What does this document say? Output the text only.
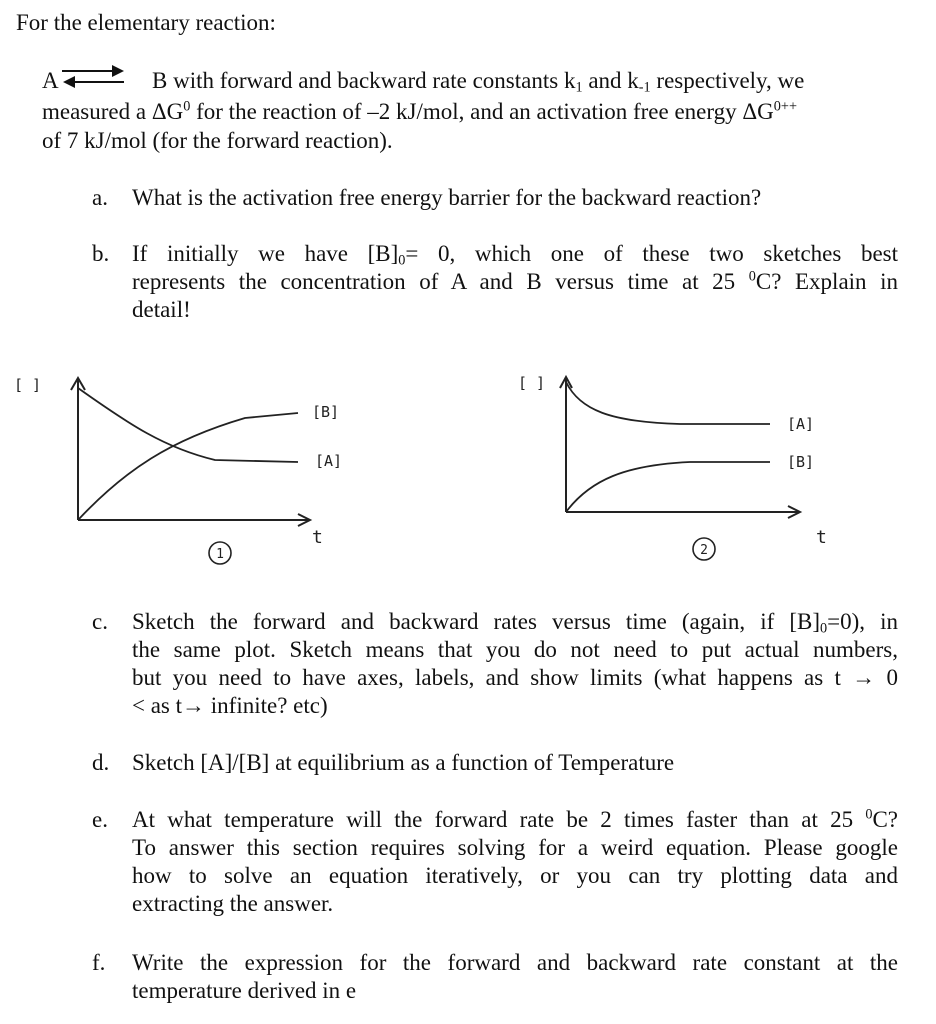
For the elementary reaction:
A ⇌ B with forward and backward rate constants $k_1$ and $k_{-1}$ respectively, we
measured a $\Delta G^0$ for the reaction of –2 kJ/mol, and an activation free energy $\Delta G^{0++}$
of 7 kJ/mol (for the forward reaction).
a.	What is the activation free energy barrier for the backward reaction?
b. If initially we have $[B]_0= 0$, which one of these two sketches best
represents the concentration of A and B versus time at 25 $^0$C? Explain in
detail!
[ ]
[B]
[A]
t
1
[ ]
[A]
[B]
t
2
c.	Sketch the forward and backward rates versus time (again, if $[B]_0=0$), in
the same plot. Sketch means that you do not need to put actual numbers,
but you need to have axes, labels, and show limits (what happens as t → 0
< as t→ infinite? etc)
d. Sketch [A]/[B] at equilibrium as a function of Temperature
e.	At what temperature will the forward rate be 2 times faster than at 25 $^0$C?
To answer this section requires solving for a weird equation. Please google
how to solve an equation iteratively, or you can try plotting data and
extracting the answer.
f.	Write the expression for the forward and backward rate constant at the
temperature derived in e
